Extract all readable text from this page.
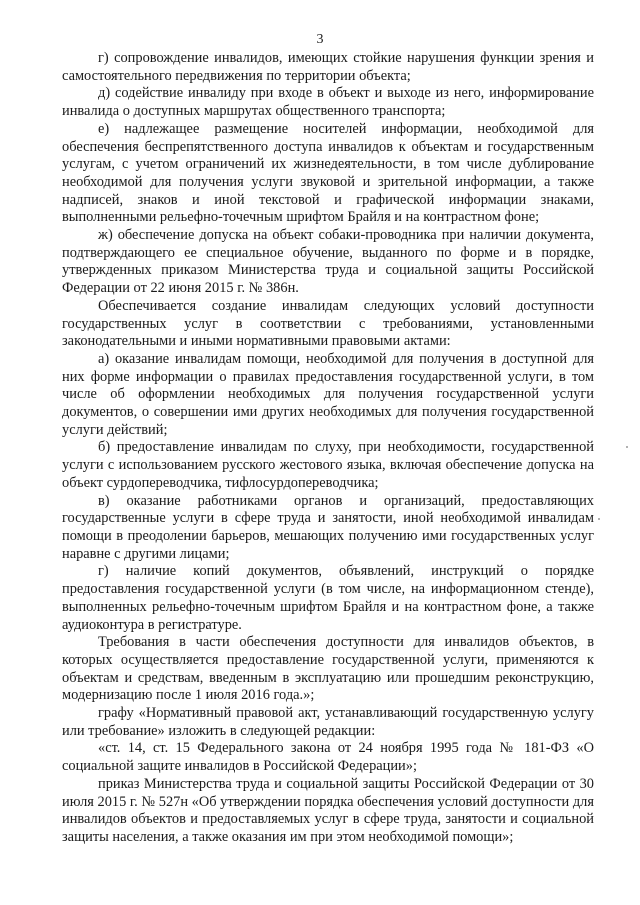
3

г) сопровождение инвалидов, имеющих стойкие нарушения функции зрения и самостоятельного передвижения по территории объекта;

д) содействие инвалиду при входе в объект и выходе из него, информирование инвалида о доступных маршрутах общественного транспорта;

е) надлежащее размещение носителей информации, необходимой для обеспечения беспрепятственного доступа инвалидов к объектам и государственным услугам, с учетом ограничений их жизнедеятельности, в том числе дублирование необходимой для получения услуги звуковой и зрительной информации, а также надписей, знаков и иной текстовой и графической информации знаками, выполненными рельефно-точечным шрифтом Брайля и на контрастном фоне;

ж) обеспечение допуска на объект собаки-проводника при наличии документа, подтверждающего ее специальное обучение, выданного по форме и в порядке, утвержденных приказом Министерства труда и социальной защиты Российской Федерации от 22 июня 2015 г. № 386н.

Обеспечивается создание инвалидам следующих условий доступности государственных услуг в соответствии с требованиями, установленными законодательными и иными нормативными правовыми актами:

а) оказание инвалидам помощи, необходимой для получения в доступной для них форме информации о правилах предоставления государственной услуги, в том числе об оформлении необходимых для получения государственной услуги документов, о совершении ими других необходимых для получения государственной услуги действий;

б) предоставление инвалидам по слуху, при необходимости, государственной услуги с использованием русского жестового языка, включая обеспечение допуска на объект сурдопереводчика, тифлосурдопереводчика;

в) оказание работниками органов и организаций, предоставляющих государственные услуги в сфере труда и занятости, иной необходимой инвалидам помощи в преодолении барьеров, мешающих получению ими государственных услуг наравне с другими лицами;

г) наличие копий документов, объявлений, инструкций о порядке предоставления государственной услуги (в том числе, на информационном стенде), выполненных рельефно-точечным шрифтом Брайля и на контрастном фоне, а также аудиоконтура в регистратуре.

Требования в части обеспечения доступности для инвалидов объектов, в которых осуществляется предоставление государственной услуги, применяются к объектам и средствам, введенным в эксплуатацию или прошедшим реконструкцию, модернизацию после 1 июля 2016 года.»;

графу «Нормативный правовой акт, устанавливающий государственную услугу или требование» изложить в следующей редакции:

«ст. 14, ст. 15 Федерального закона от 24 ноября 1995 года № 181-ФЗ «О социальной защите инвалидов в Российской Федерации»;

приказ Министерства труда и социальной защиты Российской Федерации от 30 июля 2015 г. № 527н «Об утверждении порядка обеспечения условий доступности для инвалидов объектов и предоставляемых услуг в сфере труда, занятости и социальной защиты населения, а также оказания им при этом необходимой помощи»;
